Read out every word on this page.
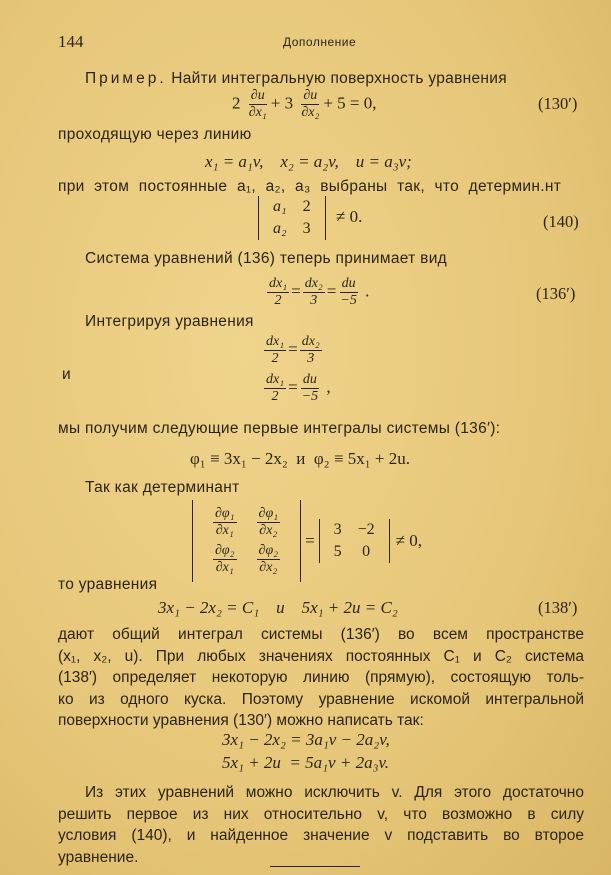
144	Дополнение
Пример. Найти интегральную поверхность уравнения
$2 \frac{\partial u}{\text{∂x₁}} + 3 \frac{\partial u}{\text{∂x₂}} + 5 = 0$,	(130′)
проходящую через линию
x₁ = a₁v,    x₂ = a₂v,    u = a₃v;
при этом постоянные a₁, a₂, a₃ выбраны так, что детермин.нт
a₁	2
a₂	3
≠ 0.	(140)
Система уравнений (136) теперь принимает вид
$\frac{\text{dx₁}}{2} = \frac{\text{dx₂}}{3} = \frac{du}{-5}$ .	(136′)
Интегрируя уравнения
$\frac{\text{dx₁}}{2} = \frac{\text{dx₂}}{3}$
и	$\frac{\text{dx₁}}{2} = \frac{du}{-5}$ ,
мы получим следующие первые интегралы системы (136′):
φ₁ ≡ 3x₁ − 2x₂  и  φ₂ ≡ 5x₁ + 2u.
Так как детерминант
$\frac{\text{∂φ₁}}{\text{∂x₁}}$	$\frac{\text{∂φ₁}}{\text{∂x₂}}$

$\frac{\text{∂φ₂}}{\text{∂x₁}}$	$\frac{\text{∂φ₂}}{\text{∂x₂}}$
=
3	−2
5	0
≠ 0,
то уравнения
3x₁ − 2x₂ = C₁    и    5x₁ + 2u = C₂	(138′)
дают общий интеграл системы (136′) во всем пространстве
(x₁, x₂, u). При любых значениях постоянных C₁ и C₂ система
(138′) определяет некоторую линию (прямую), состоящую толь-
ко из одного куска. Поэтому уравнение искомой интегральной
поверхности уравнения (130′) можно написать так:
3x₁ − 2x₂ = 3a₁v − 2a₂v,
5x₁ + 2u  = 5a₁v + 2a₃v.
Из этих уравнений можно исключить v. Для этого достаточно
решить первое из них относительно v, что возможно в силу
условия (140), и найденное значение v подставить во второе
уравнение.
